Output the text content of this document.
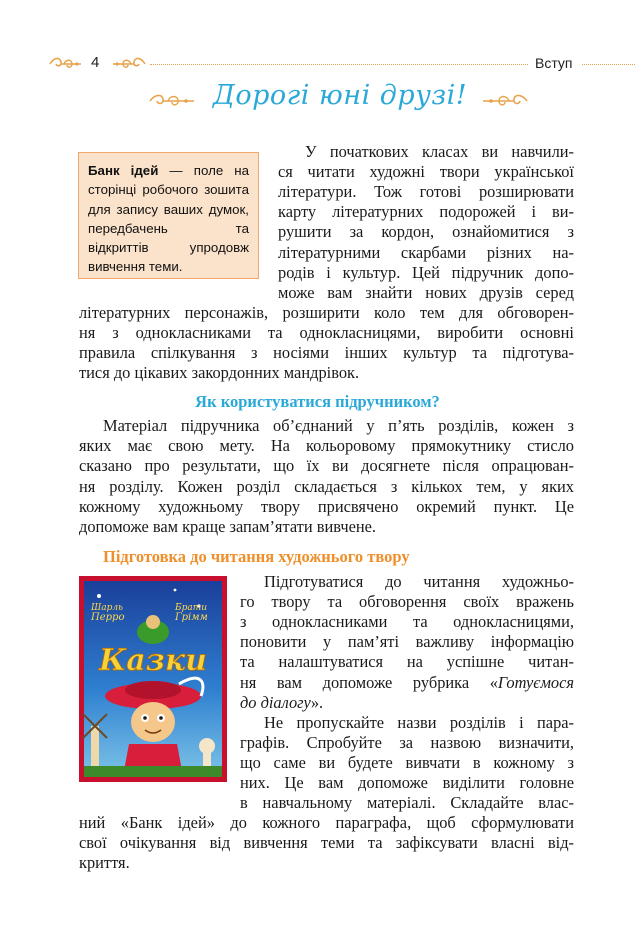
4	Вступ
Дорогі юні друзі!
Банк ідей — поле на сторінці робочого зошита для запису ваших думок, передбачень та відкриттів упродовж вивчення теми.
У початкових класах ви навчили-
ся читати художні твори української
літератури. Тож готові розширювати
карту літературних подорожей і ви-
рушити за кордон, ознайомитися з
літературними скарбами різних на-
родів і культур. Цей підручник допо-
може вам знайти нових друзів серед
літературних персонажів, розширити коло тем для обговорен-
ня з однокласниками та однокласницями, виробити основні
правила спілкування з носіями інших культур та підготува-
тися до цікавих закордонних мандрівок.
Як користуватися підручником?
Матеріал підручника об’єднаний у п’ять розділів, кожен з
яких має свою мету. На кольоровому прямокутнику стисло
сказано про результати, що їх ви досягнете після опрацюван-
ня розділу. Кожен розділ складається з кількох тем, у яких
кожному художньому твору присвячено окремий пункт. Це
допоможе вам краще запам’ятати вивчене.
Підготовка до читання художнього твору
Шарль
Перро
Брати
Грімм
Казки
Підготуватися до читання художньо-
го твору та обговорення своїх вражень
з однокласниками та однокласницями,
поновити у пам’яті важливу інформацію
та налаштуватися на успішне читан-
ня вам допоможе рубрика «Готуємося
до діалогу».
Не пропускайте назви розділів і пара-
графів. Спробуйте за назвою визначити,
що саме ви будете вивчати в кожному з
них. Це вам допоможе виділити головне
в навчальному матеріалі. Складайте влас-
ний «Банк ідей» до кожного параграфа, щоб сформулювати
свої очікування від вивчення теми та зафіксувати власні від-
криття.
